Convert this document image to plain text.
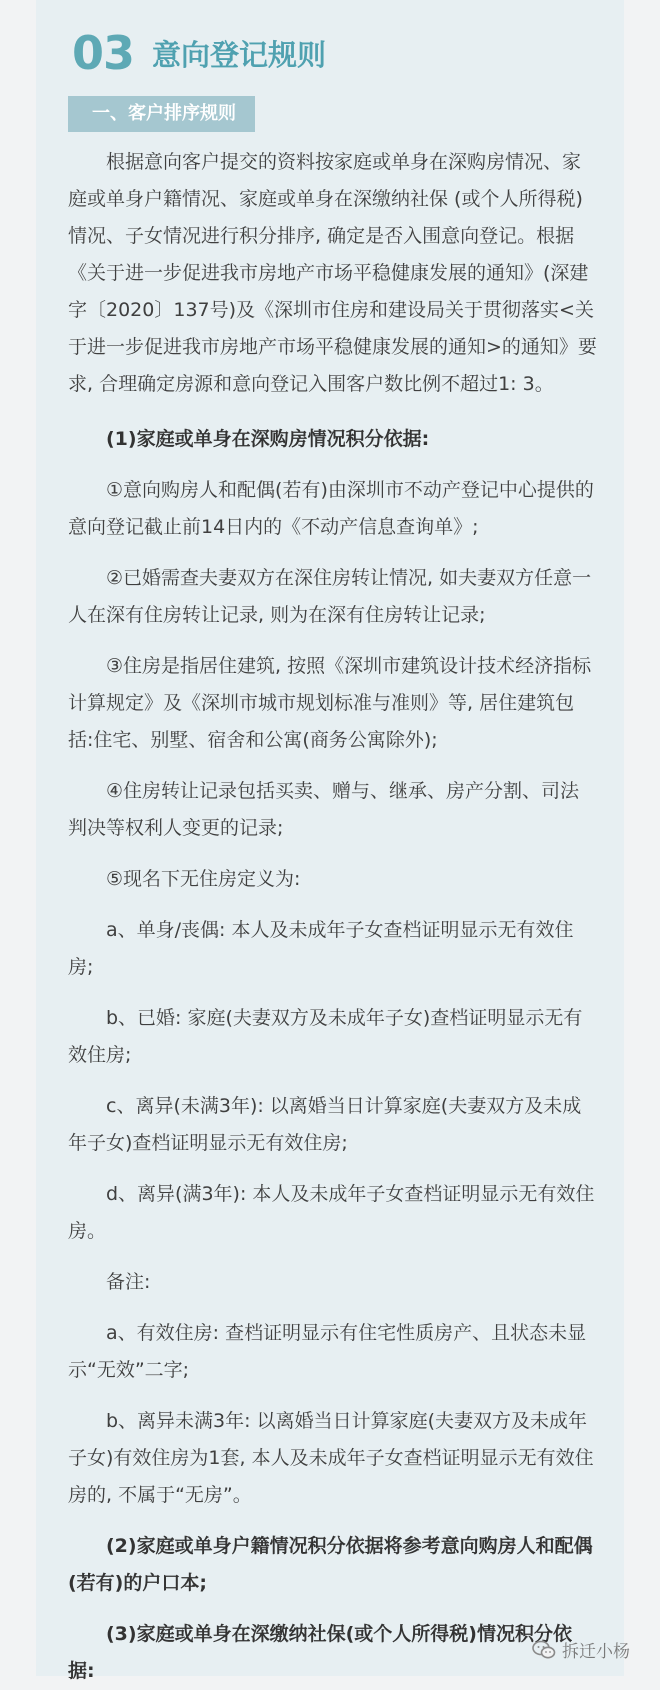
03 意向登记规则
一、客户排序规则

根据意向客户提交的资料按家庭或单身在深购房情况、家庭或单身户籍情况、家庭或单身在深缴纳社保 (或个人所得税) 情况、子女情况进行积分排序, 确定是否入围意向登记。根据《关于进一步促进我市房地产市场平稳健康发展的通知》(深建字〔2020〕137号)及《深圳市住房和建设局关于贯彻落实<关于进一步促进我市房地产市场平稳健康发展的通知>的通知》要求, 合理确定房源和意向登记入围客户数比例不超过1: 3。

(1)家庭或单身在深购房情况积分依据:

①意向购房人和配偶(若有)由深圳市不动产登记中心提供的意向登记截止前14日内的《不动产信息查询单》;

②已婚需查夫妻双方在深住房转让情况, 如夫妻双方任意一人在深有住房转让记录, 则为在深有住房转让记录;

③住房是指居住建筑, 按照《深圳市建筑设计技术经济指标计算规定》及《深圳市城市规划标准与准则》等, 居住建筑包括:住宅、别墅、宿舍和公寓(商务公寓除外);

④住房转让记录包括买卖、赠与、继承、房产分割、司法判决等权利人变更的记录;

⑤现名下无住房定义为:

a、单身/丧偶: 本人及未成年子女查档证明显示无有效住房;

b、已婚: 家庭(夫妻双方及未成年子女)查档证明显示无有效住房;

c、离异(未满3年): 以离婚当日计算家庭(夫妻双方及未成年子女)查档证明显示无有效住房;

d、离异(满3年): 本人及未成年子女查档证明显示无有效住房。

备注:

a、有效住房: 查档证明显示有住宅性质房产、且状态未显示“无效”二字;

b、离异未满3年: 以离婚当日计算家庭(夫妻双方及未成年子女)有效住房为1套, 本人及未成年子女查档证明显示无有效住房的, 不属于“无房”。

(2)家庭或单身户籍情况积分依据将参考意向购房人和配偶(若有)的户口本;

(3)家庭或单身在深缴纳社保(或个人所得税)情况积分依据:

拆迁小杨
